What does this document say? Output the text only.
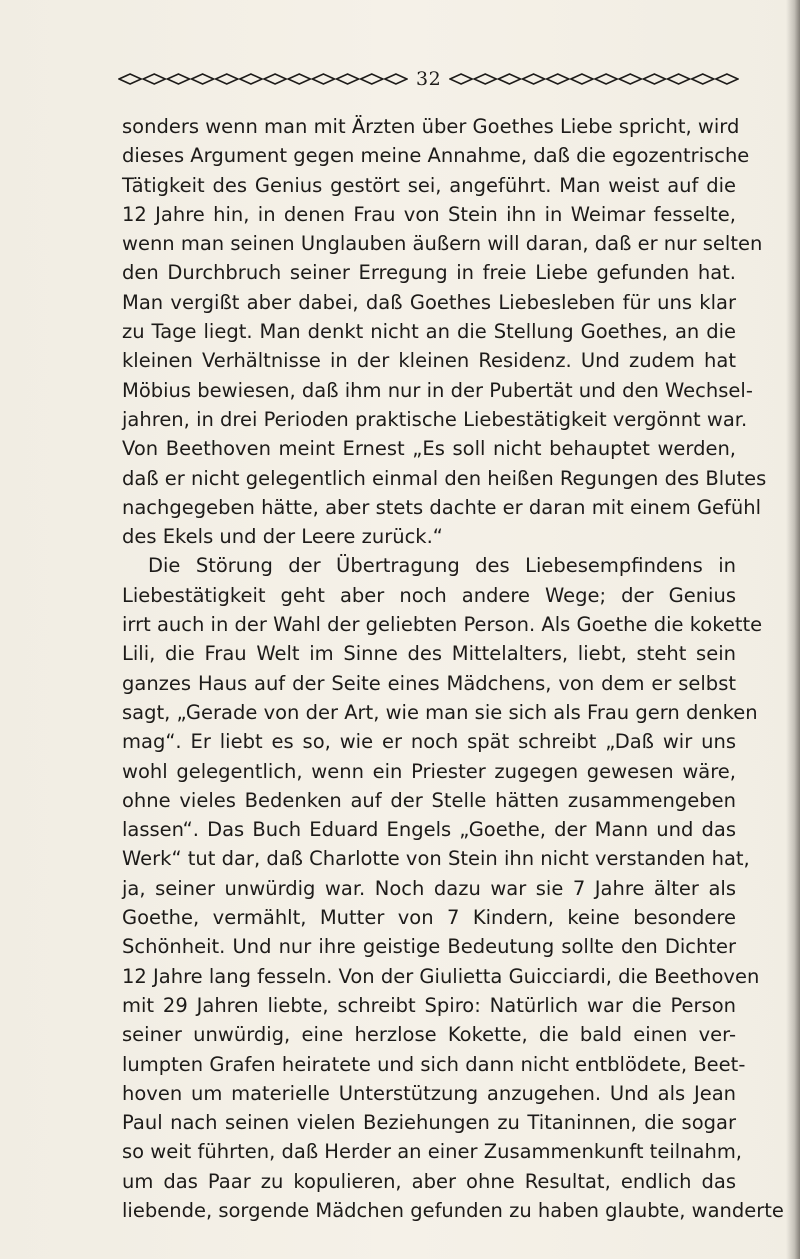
32
sonders wenn man mit Ärzten über Goethes Liebe spricht, wird
dieses Argument gegen meine Annahme, daß die egozentrische
Tätigkeit des Genius gestört sei, angeführt. Man weist auf die
12 Jahre hin, in denen Frau von Stein ihn in Weimar fesselte,
wenn man seinen Unglauben äußern will daran, daß er nur selten
den Durchbruch seiner Erregung in freie Liebe gefunden hat.
Man vergißt aber dabei, daß Goethes Liebesleben für uns klar
zu Tage liegt. Man denkt nicht an die Stellung Goethes, an die
kleinen Verhältnisse in der kleinen Residenz. Und zudem hat
Möbius bewiesen, daß ihm nur in der Pubertät und den Wechsel-
jahren, in drei Perioden praktische Liebestätigkeit vergönnt war.
Von Beethoven meint Ernest „Es soll nicht behauptet werden,
daß er nicht gelegentlich einmal den heißen Regungen des Blutes
nachgegeben hätte, aber stets dachte er daran mit einem Gefühl
des Ekels und der Leere zurück.“
Die Störung der Übertragung des Liebesempfindens in
Liebestätigkeit geht aber noch andere Wege; der Genius
irrt auch in der Wahl der geliebten Person. Als Goethe die kokette
Lili, die Frau Welt im Sinne des Mittelalters, liebt, steht sein
ganzes Haus auf der Seite eines Mädchens, von dem er selbst
sagt, „Gerade von der Art, wie man sie sich als Frau gern denken
mag“. Er liebt es so, wie er noch spät schreibt „Daß wir uns
wohl gelegentlich, wenn ein Priester zugegen gewesen wäre,
ohne vieles Bedenken auf der Stelle hätten zusammengeben
lassen“. Das Buch Eduard Engels „Goethe, der Mann und das
Werk“ tut dar, daß Charlotte von Stein ihn nicht verstanden hat,
ja, seiner unwürdig war. Noch dazu war sie 7 Jahre älter als
Goethe, vermählt, Mutter von 7 Kindern, keine besondere
Schönheit. Und nur ihre geistige Bedeutung sollte den Dichter
12 Jahre lang fesseln. Von der Giulietta Guicciardi, die Beethoven
mit 29 Jahren liebte, schreibt Spiro: Natürlich war die Person
seiner unwürdig, eine herzlose Kokette, die bald einen ver-
lumpten Grafen heiratete und sich dann nicht entblödete, Beet-
hoven um materielle Unterstützung anzugehen. Und als Jean
Paul nach seinen vielen Beziehungen zu Titaninnen, die sogar
so weit führten, daß Herder an einer Zusammenkunft teilnahm,
um das Paar zu kopulieren, aber ohne Resultat, endlich das
liebende, sorgende Mädchen gefunden zu haben glaubte, wanderte
